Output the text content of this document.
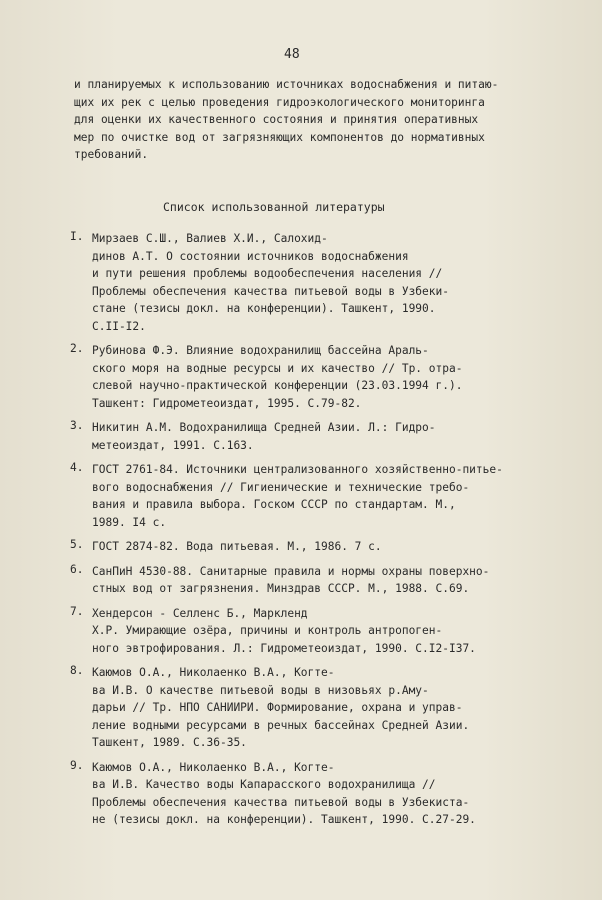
48
и планируемых к использованию источниках водоснабжения и питаю-
щих их рек с целью проведения гидроэкологического мониторинга
для оценки их качественного состояния и принятия оперативных
мер по очистке вод от загрязняющих компонентов до нормативных
требований.
Список использованной литературы
I. Мирзаев С.Ш., Валиев Х.И., Салохид-
динов А.Т. О состоянии источников водоснабжения
и пути решения проблемы водообеспечения населения //
Проблемы обеспечения качества питьевой воды в Узбеки-
стане (тезисы докл. на конференции). Ташкент, 1990.
С.II-I2.
2. Рубинова Ф.Э. Влияние водохранилищ бассейна Араль-
ского моря на водные ресурсы и их качество // Тр. отра-
слевой научно-практической конференции (23.03.1994 г.).
Ташкент: Гидрометеоиздат, 1995. С.79-82.
3. Никитин А.М. Водохранилища Средней Азии. Л.: Гидро-
метеоиздат, 1991. С.163.
4. ГОСТ 2761-84. Источники централизованного хозяйственно-питье-
вого водоснабжения // Гигиенические и технические требо-
вания и правила выбора. Госком СССР по стандартам. М.,
1989. I4 с.
5. ГОСТ 2874-82. Вода питьевая. М., 1986. 7 с.
6. СанПиН 4530-88. Санитарные правила и нормы охраны поверхно-
стных вод от загрязнения. Минздрав СССР. М., 1988. С.69.
7. Хендерсон - Селленс Б., Маркленд
Х.Р. Умирающие озёра, причины и контроль антропоген-
ного эвтрофирования. Л.: Гидрометеоиздат, 1990. С.I2-I37.
8. Каюмов О.А., Николаенко В.А., Когте-
ва И.В. О качестве питьевой воды в низовьях р.Аму-
дарьи // Тр. НПО САНИИРИ. Формирование, охрана и управ-
ление водными ресурсами в речных бассейнах Средней Азии.
Ташкент, 1989. С.36-35.
9. Каюмов О.А., Николаенко В.А., Когте-
ва И.В. Качество воды Капарасского водохранилища //
Проблемы обеспечения качества питьевой воды в Узбекиста-
не (тезисы докл. на конференции). Ташкент, 1990. С.27-29.
